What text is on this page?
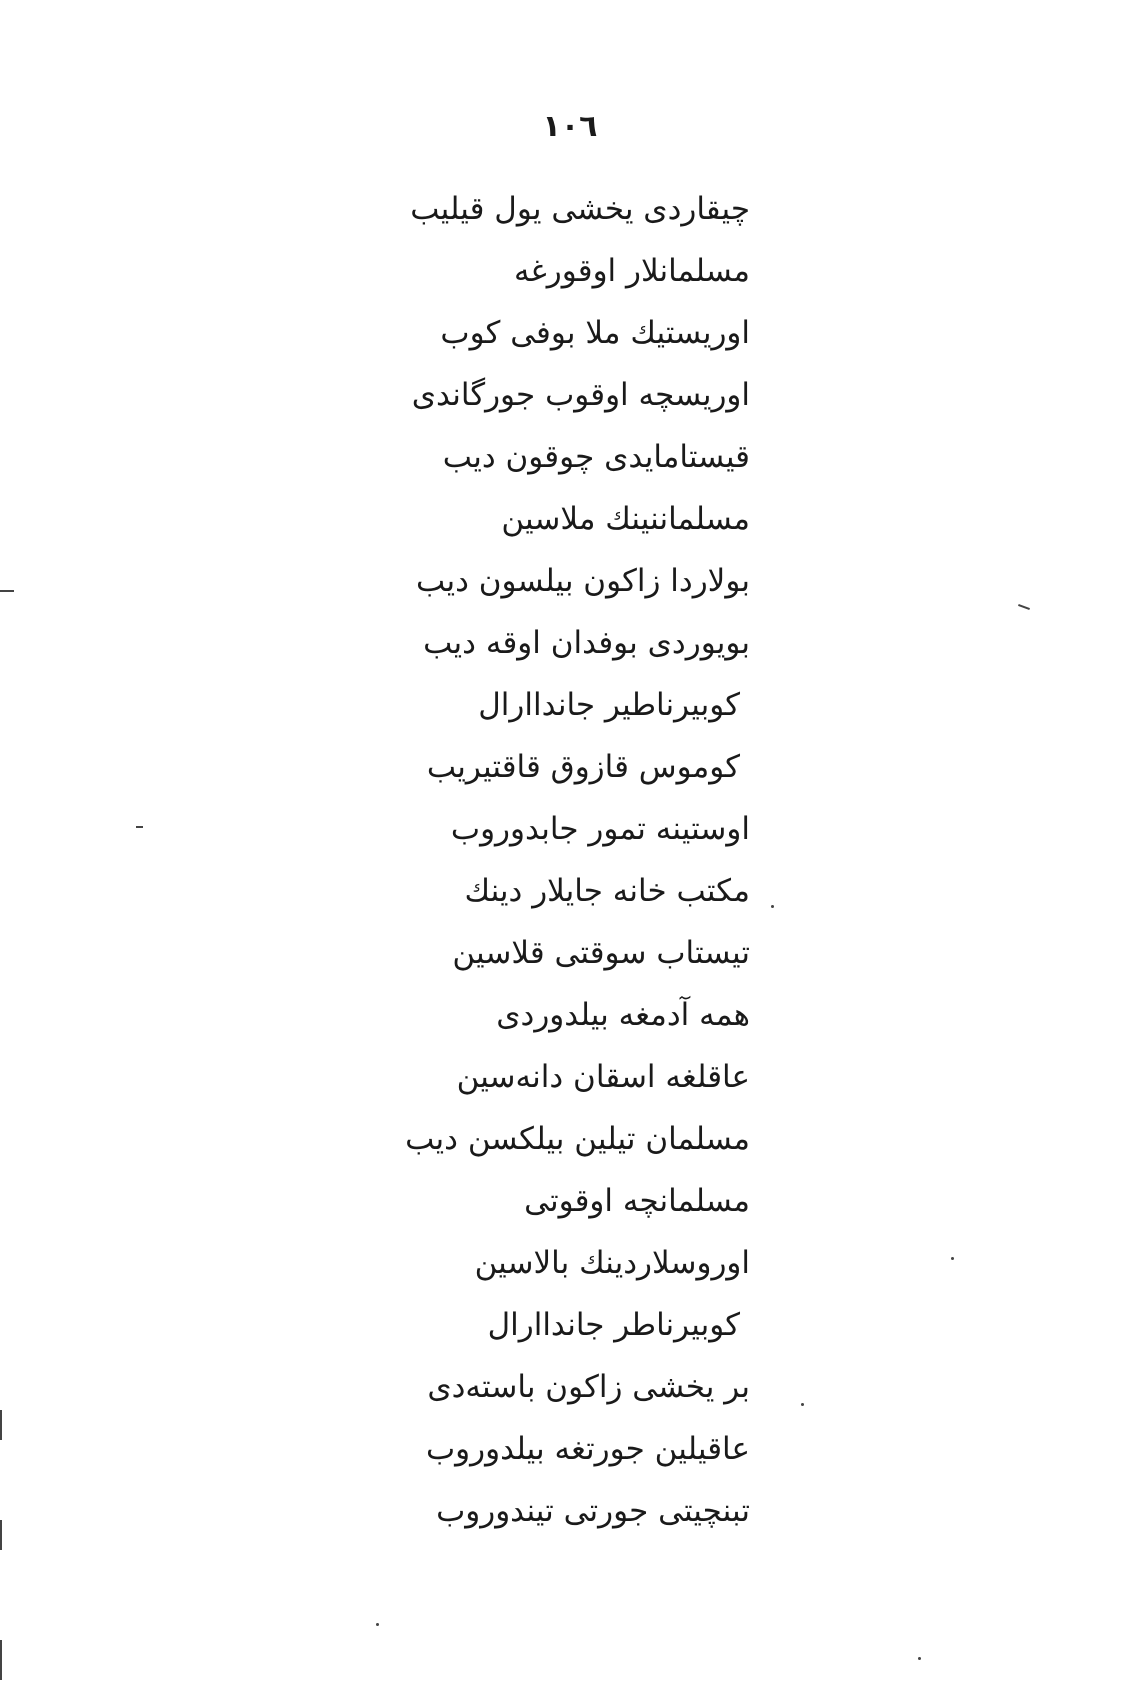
١٠٦
چيقاردی يخشی يول قيليب
مسلمانلار اوقورغه
اوريستيك ملا بوفی كوب
اوريسچه اوقوب جورگاندی
قيستامايدی چوقون ديب
مسلماننينك ملاسين
بولاردا زاكون بيلسون ديب
بويوردی بوفدان اوقه ديب
كوبيرناطير جانداارال
كوموس قازوق قاقتيريب
اوستينه تمور جابدوروب
مكتب خانه جايلار دينك
تيستاب سوقتی قلاسين
همه آدمغه بيلدوردی
عاقلغه اسقان دانه‌سين
مسلمان تيلين بيلكسن ديب
مسلمانچه اوقوتی
اوروسلاردينك بالاسين
كوبيرناطر جانداارال
بر يخشی زاكون باسته‌دی
عاقيلين جورتغه بيلدوروب
تبنچيتی جورتی تيندوروب
